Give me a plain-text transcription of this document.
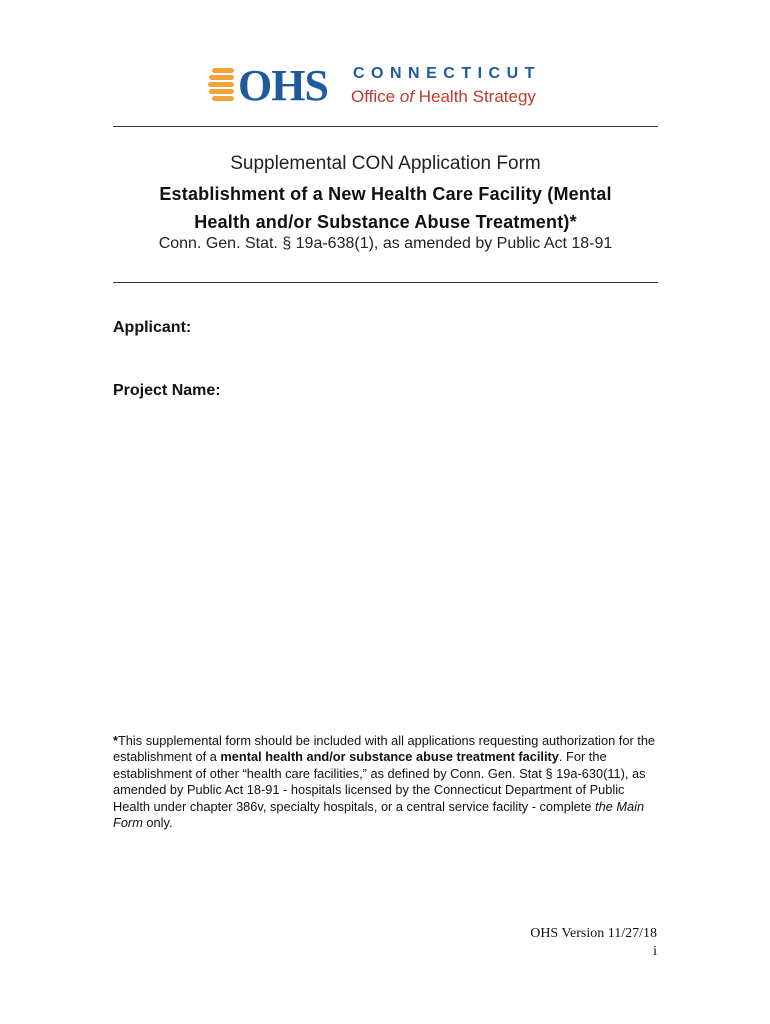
OHS CONNECTICUT
Office of Health Strategy
Supplemental CON Application Form
Establishment of a New Health Care Facility (Mental
Health and/or Substance Abuse Treatment)*
Conn. Gen. Stat. § 19a-638(1), as amended by Public Act 18-91
Applicant:
Project Name:
*This supplemental form should be included with all applications requesting authorization for the establishment of a mental health and/or substance abuse treatment facility. For the establishment of other “health care facilities,” as defined by Conn. Gen. Stat § 19a-630(11), as amended by Public Act 18-91 - hospitals licensed by the Connecticut Department of Public Health under chapter 386v, specialty hospitals, or a central service facility - complete the Main Form only.
OHS Version 11/27/18
i
